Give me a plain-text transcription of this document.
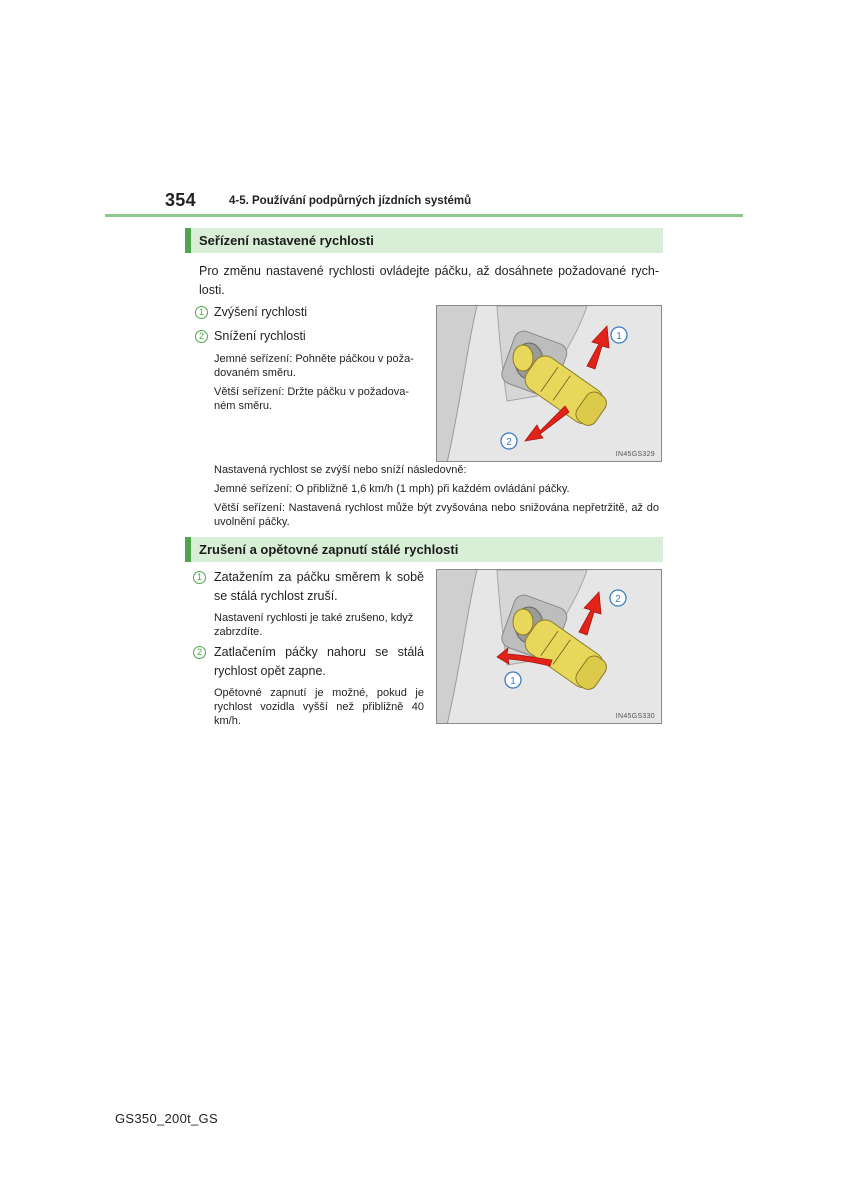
354	4-5. Používání podpůrných jízdních systémů
Seřízení nastavené rychlosti
Pro změnu nastavené rychlosti ovládejte páčku, až dosáhnete požadované rych-losti.
1 Zvýšení rychlosti
2 Snížení rychlosti
Jemné seřízení: Pohněte páčkou v poža-dovaném směru.
Větší seřízení: Držte páčku v požadova-ném směru.
1
2
IN45GS329
Nastavená rychlost se zvýší nebo sníží následovně:
Jemné seřízení: O přibližně 1,6 km/h (1 mph) při každém ovládání páčky.
Větší seřízení: Nastavená rychlost může být zvyšována nebo snižována nepřetržitě, až do uvolnění páčky.
Zrušení a opětovné zapnutí stálé rychlosti
1 Zatažením za páčku směrem k sobě se stálá rychlost zruší.
Nastavení rychlosti je také zrušeno, když zabrzdíte.
2 Zatlačením páčky nahoru se stálá rychlost opět zapne.
Opětovné zapnutí je možné, pokud je rychlost vozidla vyšší než přibližně 40 km/h.
2
1
IN45GS330
GS350_200t_GS
